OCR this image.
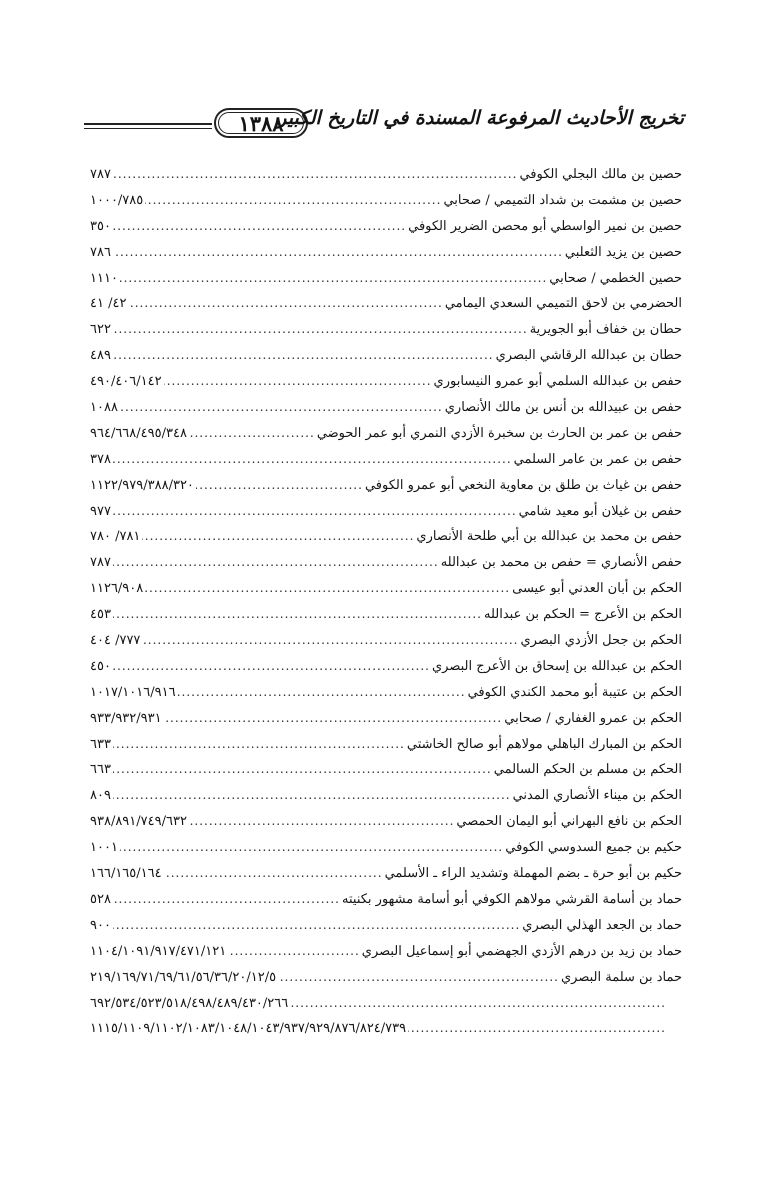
١٣٨٨
تخريج الأحاديث المرفوعة المسندة في التاريخ الكبير
حصين بن مالك البجلي الكوفي
.....
٧٨٧
حصين بن مشمت بن شداد التميمي / صحابي
.....
١٠٠٠/٧٨٥
حصين بن نمير الواسطي أبو محصن الضرير الكوفي
.....
٣٥٠
حصين بن يزيد الثعلبي
.....
٧٨٦
حصين الخطمي / صحابي
.....
١١١٠
الحضرمي بن لاحق التميمي السعدي اليمامي
.....
٤٢/ ٤١
حطان بن خفاف أبو الجويرية
.....
٦٢٢
حطان بن عبدالله الرقاشي البصري
.....
٤٨٩
حفص بن عبدالله السلمي أبو عمرو النيسابوري
.....
٤٩٠/٤٠٦/١٤٢
حفص بن عبيدالله بن أنس بن مالك الأنصاري
.....
١٠٨٨
حفص بن عمر بن الحارث بن سخبرة الأزدي النمري أبو عمر الحوضي
.....
٩٦٤/٦٦٨/٤٩٥/٣٤٨
حفص بن عمر بن عامر السلمي
.....
٣٧٨
حفص بن غياث بن طلق بن معاوية النخعي أبو عمرو الكوفي
.....
١١٢٢/٩٧٩/٣٨٨/٣٢٠
حفص بن غيلان أبو معيد شامي
.....
٩٧٧
حفص بن محمد بن عبدالله بن أبي طلحة الأنصاري
.....
٧٨١/ ٧٨٠
حفص الأنصاري = حفص بن محمد بن عبدالله
.....
٧٨٧
الحكم بن أبان العدني أبو عيسى
.....
١١٢٦/٩٠٨
الحكم بن الأعرج = الحكم بن عبدالله
.....
٤٥٣
الحكم بن جحل الأزدي البصري
.....
٧٧٧/ ٤٠٤
الحكم بن عبدالله بن إسحاق بن الأعرج البصري
.....
٤٥٠
الحكم بن عتيبة أبو محمد الكندي الكوفي
.....
١٠١٧/١٠١٦/٩١٦
الحكم بن عمرو الغفاري / صحابي
.....
٩٣٣/٩٣٢/٩٣١
الحكم بن المبارك الباهلي مولاهم أبو صالح الخاشتي
.....
٦٣٣
الحكم بن مسلم بن الحكم السالمي
.....
٦٦٣
الحكم بن ميناء الأنصاري المدني
.....
٨٠٩
الحكم بن نافع البهراني أبو اليمان الحمصي
.....
٩٣٨/٨٩١/٧٤٩/٦٣٢
حكيم بن جميع السدوسي الكوفي
.....
١٠٠١
حكيم بن أبو حرة ـ بضم المهملة وتشديد الراء ـ الأسلمي
.....
١٦٦/١٦٥/١٦٤
حماد بن أسامة القرشي مولاهم الكوفي أبو أسامة مشهور بكنيته
.....
٥٢٨
حماد بن الجعد الهذلي البصري
.....
٩٠٠
حماد بن زيد بن درهم الأزدي الجهضمي أبو إسماعيل البصري
.....
١١٠٤/١٠٩١/٩١٧/٤٧١/١٢١
حماد بن سلمة البصري
.....
٢١٩/١٦٩/٧١/٦٩/٦١/٥٦/٣٦/٢٠/١٢/٥
.....
٦٩٢/٥٣٤/٥٢٣/٥١٨/٤٩٨/٤٨٩/٤٣٠/٢٦٦
.....
١١١٥/١١٠٩/١١٠٢/١٠٨٣/١٠٤٨/١٠٤٣/٩٣٧/٩٢٩/٨٧٦/٨٢٤/٧٣٩
